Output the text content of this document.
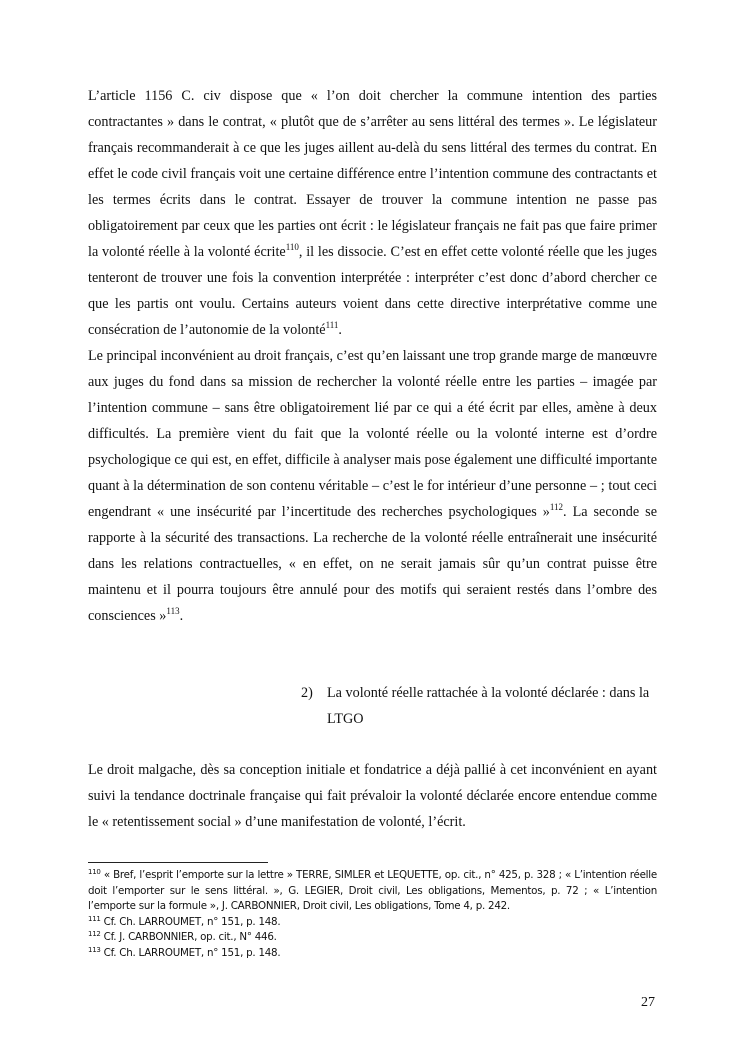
L’article 1156 C. civ dispose que « l’on doit chercher la commune intention des parties contractantes » dans le contrat, « plutôt que de s’arrêter au sens littéral des termes ». Le législateur français recommanderait à ce que les juges aillent au-delà du sens littéral des termes du contrat. En effet le code civil français voit une certaine différence entre l’intention commune des contractants et les termes écrits dans le contrat. Essayer de trouver la commune intention ne passe pas obligatoirement par ceux que les parties ont écrit : le législateur français ne fait pas que faire primer la volonté réelle à la volonté écrite$^{110}$, il les dissocie. C’est en effet cette volonté réelle que les juges tenteront de trouver une fois la convention interprétée : interpréter c’est donc d’abord chercher ce que les partis ont voulu. Certains auteurs voient dans cette directive interprétative comme une consécration de l’autonomie de la volonté$^{111}$.

Le principal inconvénient au droit français, c’est qu’en laissant une trop grande marge de manœuvre aux juges du fond dans sa mission de rechercher la volonté réelle entre les parties – imagée par l’intention commune – sans être obligatoirement lié par ce qui a été écrit par elles, amène à deux difficultés. La première vient du fait que la volonté réelle ou la volonté interne est d’ordre psychologique ce qui est, en effet, difficile à analyser mais pose également une difficulté importante quant à la détermination de son contenu véritable – c’est le for intérieur d’une personne – ; tout ceci engendrant « une insécurité par l’incertitude des recherches psychologiques »$^{112}$. La seconde se rapporte à la sécurité des transactions. La recherche de la volonté réelle entraînerait une insécurité dans les relations contractuelles, « en effet, on ne serait jamais sûr qu’un contrat puisse être maintenu et il pourra toujours être annulé pour des motifs qui seraient restés dans l’ombre des consciences »$^{113}$.

2) La volonté réelle rattachée à la volonté déclarée : dans la
LTGO

Le droit malgache, dès sa conception initiale et fondatrice a déjà pallié à cet inconvénient en ayant suivi la tendance doctrinale française qui fait prévaloir la volonté déclarée encore entendue comme le « retentissement social » d’une manifestation de volonté, l’écrit.

$^{110}$ « Bref, l’esprit l’emporte sur la lettre » TERRE, SIMLER et LEQUETTE, op. cit., n° 425, p. 328 ; « L’intention réelle doit l’emporter sur le sens littéral. », G. LEGIER, Droit civil, Les obligations, Mementos, p. 72 ; « L’intention l’emporte sur la formule », J. CARBONNIER, Droit civil, Les obligations, Tome 4, p. 242.

$^{111}$ Cf. Ch. LARROUMET, n° 151, p. 148.

$^{112}$ Cf. J. CARBONNIER, op. cit., N° 446.

$^{113}$ Cf. Ch. LARROUMET, n° 151, p. 148.

27
